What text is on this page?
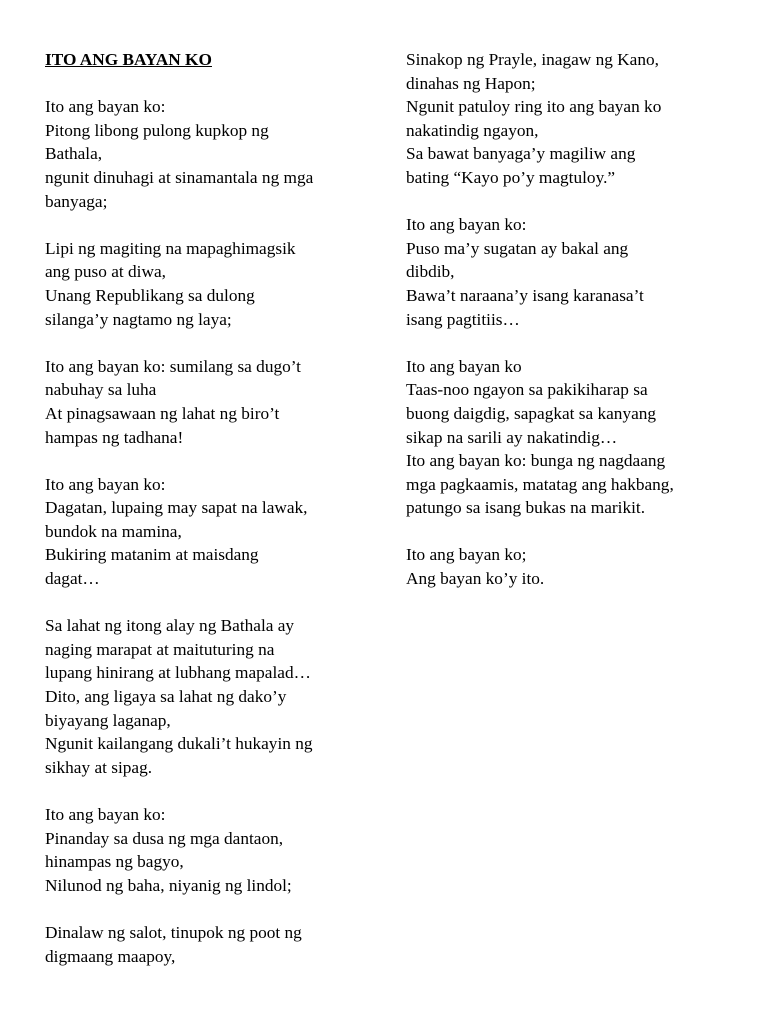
ITO ANG BAYAN KO
Ito ang bayan ko:
Pitong libong pulong kupkop ng
Bathala,
ngunit dinuhagi at sinamantala ng mga
banyaga;
Lipi ng magiting na mapaghimagsik
ang puso at diwa,
Unang Republikang sa dulong
silanga’y nagtamo ng laya;
Ito ang bayan ko: sumilang sa dugo’t
nabuhay sa luha
At pinagsawaan ng lahat ng biro’t
hampas ng tadhana!
Ito ang bayan ko:
Dagatan, lupaing may sapat na lawak,
bundok na mamina,
Bukiring matanim at maisdang
dagat…
Sa lahat ng itong alay ng Bathala ay
naging marapat at maituturing na
lupang hinirang at lubhang mapalad…
Dito, ang ligaya sa lahat ng dako’y
biyayang laganap,
Ngunit kailangang dukali’t hukayin ng
sikhay at sipag.
Ito ang bayan ko:
Pinanday sa dusa ng mga dantaon,
hinampas ng bagyo,
Nilunod ng baha, niyanig ng lindol;
Dinalaw ng salot, tinupok ng poot ng
digmaang maapoy,
Sinakop ng Prayle, inagaw ng Kano,
dinahas ng Hapon;
Ngunit patuloy ring ito ang bayan ko
nakatindig ngayon,
Sa bawat banyaga’y magiliw ang
bating “Kayo po’y magtuloy.”
Ito ang bayan ko:
Puso ma’y sugatan ay bakal ang
dibdib,
Bawa’t naraana’y isang karanasa’t
isang pagtitiis…
Ito ang bayan ko
Taas-noo ngayon sa pakikiharap sa
buong daigdig, sapagkat sa kanyang
sikap na sarili ay nakatindig…
Ito ang bayan ko: bunga ng nagdaang
mga pagkaamis, matatag ang hakbang,
patungo sa isang bukas na marikit.
Ito ang bayan ko;
Ang bayan ko’y ito.
